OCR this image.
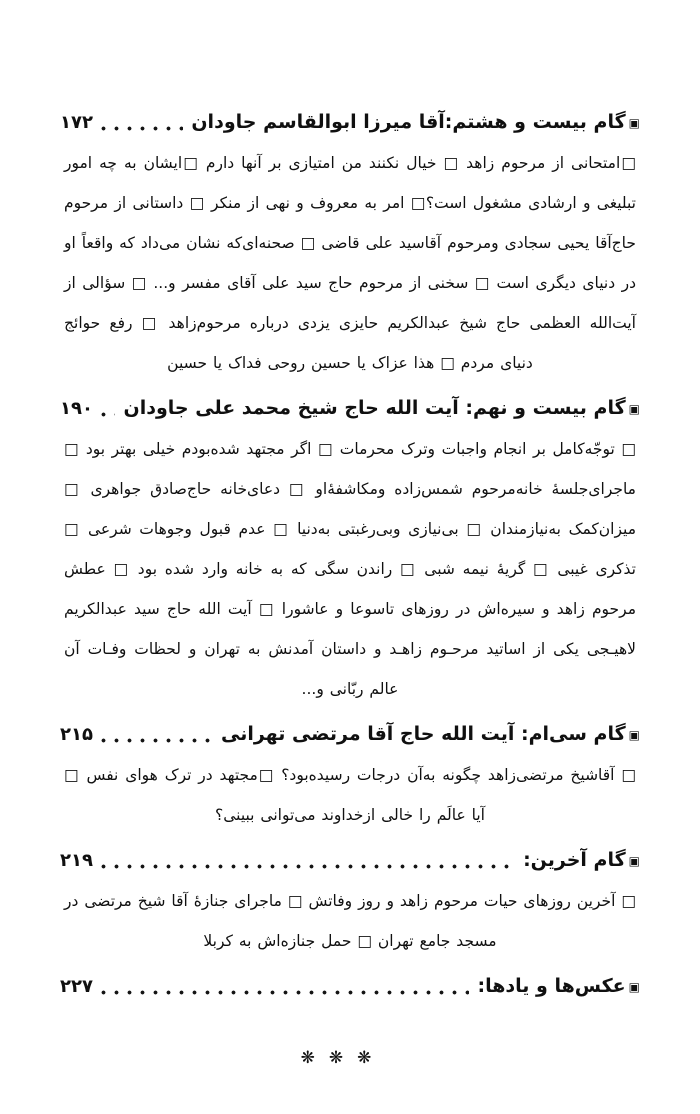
▣
گام بیست و هشتم:آقا میرزا ابوالقاسم جاودان
۱۷۲

□امتحانی از مرحوم زاهد □ خیال نکنند من امتیازی بر آنها دارم □ایشان به چه امور تبلیغی و ارشادی مشغول است؟□ امر به معروف و نهی از منکر □ داستانی از مرحوم حاج‌آقا یحیی سجادی ومرحوم آقاسید علی قاضی □ صحنه‌ای‌که نشان می‌داد که واقعاً او در دنیای دیگری است □ سخنی از مرحوم حاج سید علی آقای مفسر و... □ سؤالی از آیت‌الله العظمی حاج شیخ عبدالکریم حایزی یزدی درباره مرحوم‌زاهد □ رفع حوائج دنیای مردم □ هذا عزاک یا حسین روحی فداک یا حسین

▣
گام بیست و نهم: آیت الله حاج شیخ محمد علی جاودان
۱۹۰

□ توجّه‌کامل بر انجام واجبات وترک محرمات □ اگر مجتهد شده‌بودم خیلی بهتر بود □ ماجرای‌جلسهٔ خانه‌مرحوم شمس‌زاده ومکاشفهٔ‌او □ دعای‌خانه حاج‌صادق جواهری □ میزان‌کمک به‌نیازمندان □ بی‌نیازی وبی‌رغبتی به‌دنیا □ عدم قبول وجوهات شرعی □ تذکری غیبی □ گریهٔ نیمه شبی □ راندن سگی که به خانه وارد شده بود □ عطش مرحوم زاهد و سیره‌اش در روزهای تاسوعا و عاشورا □ آیت الله حاج سید عبدالکریم لاهیـجی یکی از اساتید مرحـوم زاهـد و داستان آمدنش به تهران و لحظات وفـات آن عالم ربّانی و...

▣
گام سی‌ام: آیت الله حاج آقا مرتضی تهرانی
۲۱۵

□ آقاشیخ مرتضی‌زاهد چگونه به‌آن درجات رسیده‌بود؟ □مجتهد در ترک هوای نفس □ آیا عالَم را خالی ازخداوند می‌توانی ببینی؟

▣
گام آخرین:
۲۱۹

□ آخرین روزهای حیات مرحوم زاهد و روز وفاتش □ ماجرای جنازهٔ آقا شیخ مرتضی در مسجد جامع تهران □ حمل جنازه‌اش به کربلا

▣
عکس‌ها و یادها:
۲۲۷
❋❋❋
